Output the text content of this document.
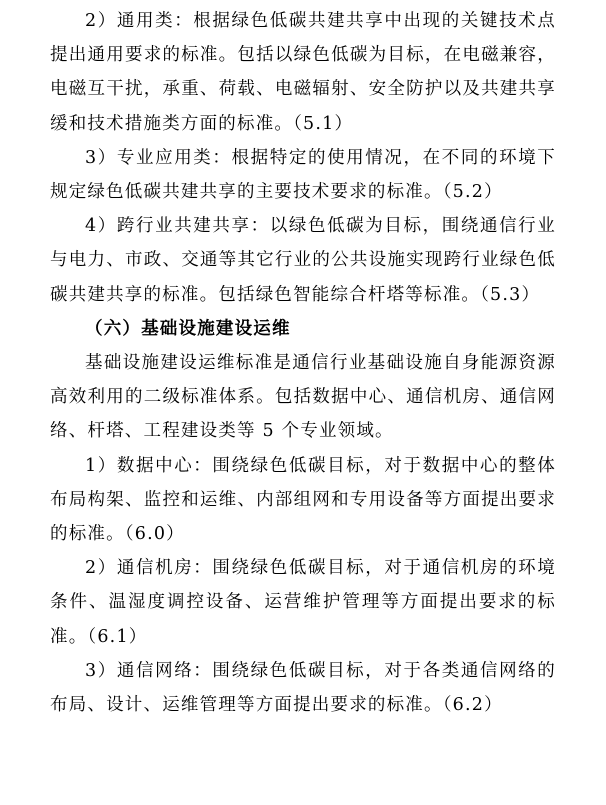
2）通用类：根据绿色低碳共建共享中出现的关键技术点提出通用要求的标准。包括以绿色低碳为目标，在电磁兼容，电磁互干扰，承重、荷载、电磁辐射、安全防护以及共建共享缓和技术措施类方面的标准。（5.1）

3）专业应用类：根据特定的使用情况，在不同的环境下规定绿色低碳共建共享的主要技术要求的标准。（5.2）

4）跨行业共建共享：以绿色低碳为目标，围绕通信行业与电力、市政、交通等其它行业的公共设施实现跨行业绿色低碳共建共享的标准。包括绿色智能综合杆塔等标准。（5.3）

（六）基础设施建设运维

基础设施建设运维标准是通信行业基础设施自身能源资源高效利用的二级标准体系。包括数据中心、通信机房、通信网络、杆塔、工程建设类等 5 个专业领域。

1）数据中心：围绕绿色低碳目标，对于数据中心的整体布局构架、监控和运维、内部组网和专用设备等方面提出要求的标准。（6.0）

2）通信机房：围绕绿色低碳目标，对于通信机房的环境条件、温湿度调控设备、运营维护管理等方面提出要求的标准。（6.1）

3）通信网络：围绕绿色低碳目标，对于各类通信网络的布局、设计、运维管理等方面提出要求的标准。（6.2）
